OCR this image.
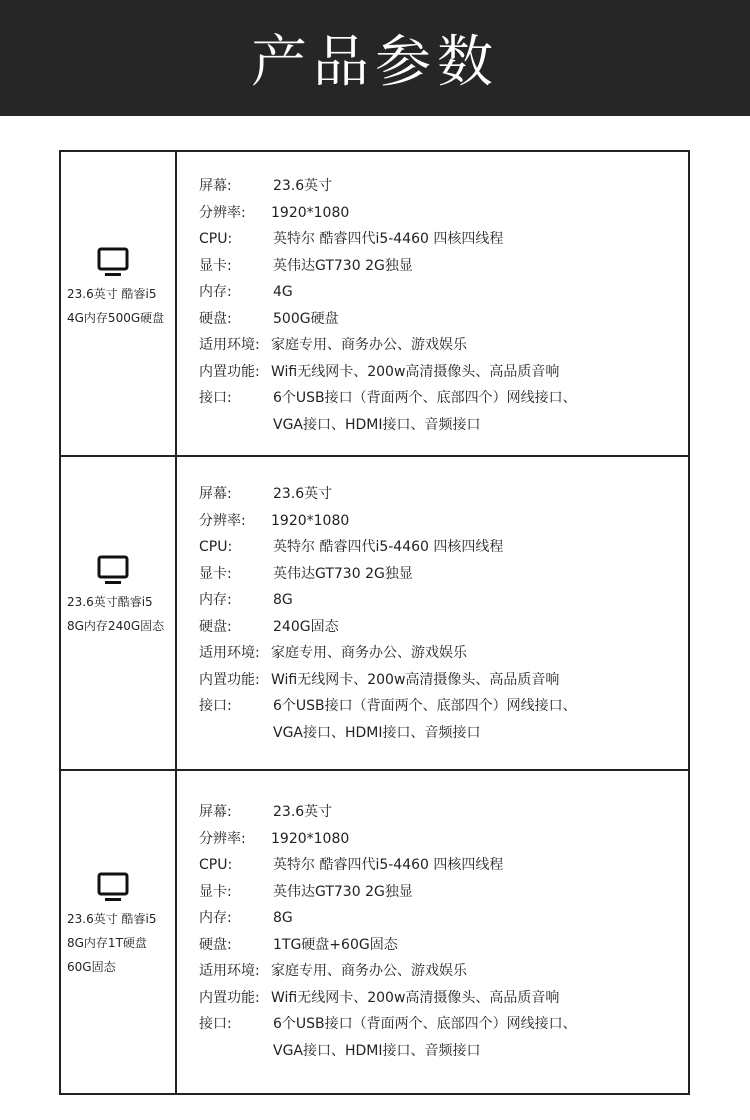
产品参数
23.6英寸 酷睿i5
4G内存500G硬盘
屏幕:	23.6英寸
分辨率: 1920*1080
CPU:	英特尔 酷睿四代i5-4460 四核四线程
显卡:	英伟达GT730 2G独显
内存:	4G
硬盘:	500G硬盘
适用环境: 家庭专用、商务办公、游戏娱乐
内置功能: Wifi无线网卡、200w高清摄像头、高品质音响
接口:	6个USB接口（背面两个、底部四个）网线接口、
VGA接口、HDMI接口、音频接口
23.6英寸酷睿i5
8G内存240G固态
屏幕:	23.6英寸
分辨率: 1920*1080
CPU:	英特尔 酷睿四代i5-4460 四核四线程
显卡:	英伟达GT730 2G独显
内存:	8G
硬盘:	240G固态
适用环境: 家庭专用、商务办公、游戏娱乐
内置功能: Wifi无线网卡、200w高清摄像头、高品质音响
接口:	6个USB接口（背面两个、底部四个）网线接口、
VGA接口、HDMI接口、音频接口
23.6英寸 酷睿i5
8G内存1T硬盘
60G固态
屏幕:	23.6英寸
分辨率: 1920*1080
CPU:	英特尔 酷睿四代i5-4460 四核四线程
显卡:	英伟达GT730 2G独显
内存:	8G
硬盘:	1TG硬盘+60G固态
适用环境: 家庭专用、商务办公、游戏娱乐
内置功能: Wifi无线网卡、200w高清摄像头、高品质音响
接口:	6个USB接口（背面两个、底部四个）网线接口、
VGA接口、HDMI接口、音频接口
